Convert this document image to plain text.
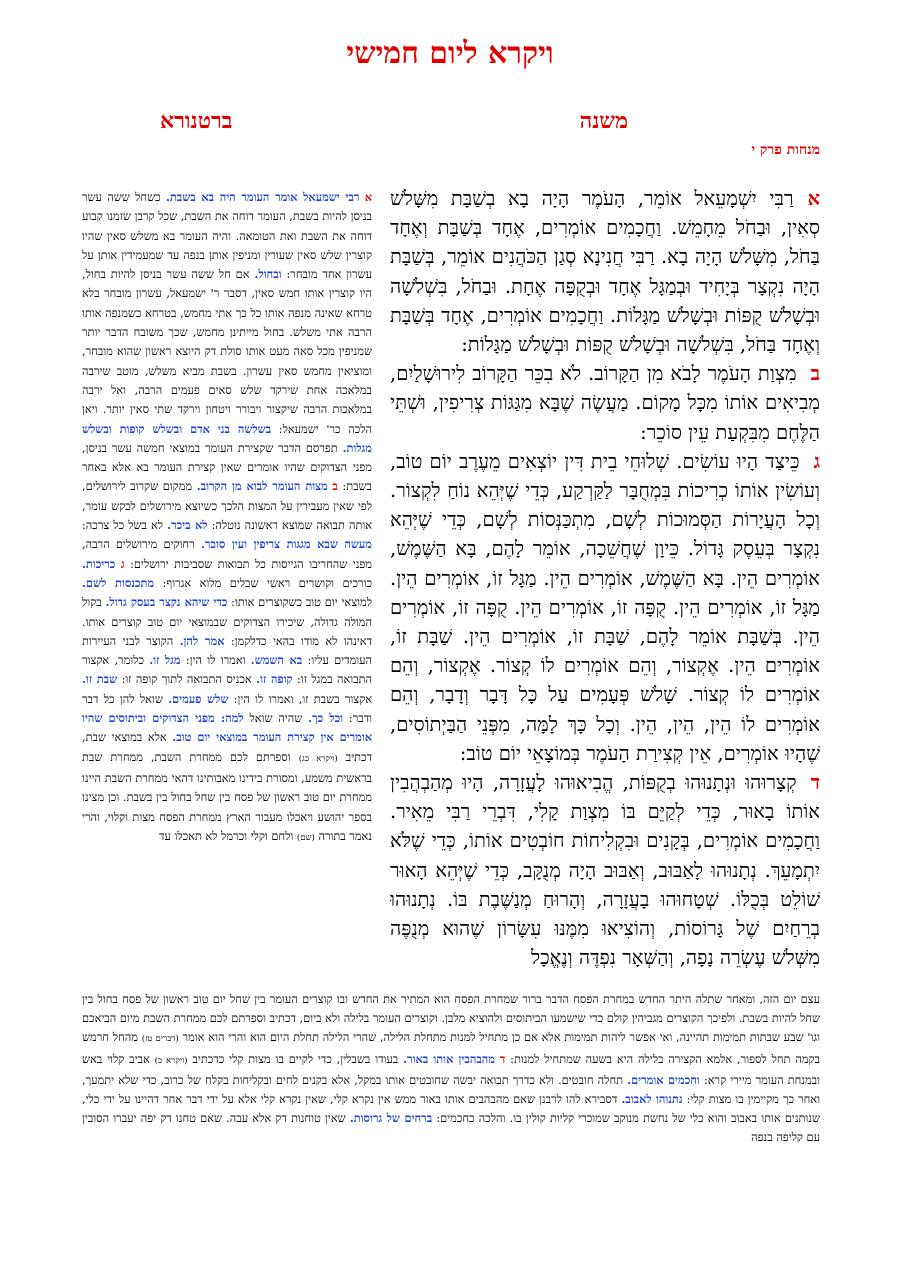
ויקרא ליום חמישי
משנה
ברטנורא
מנחות פרק י

ארַבִּי יִשְׁמָעֵאל אוֹמֵר, הָעֹמֶר הָיָה בָא בְשַׁבָּת מִשָּׁלֹשׁ סְאִין, וּבַחֹל מֵחָמֵשׁ. וַחֲכָמִים אוֹמְרִים, אֶחָד בְּשַׁבָּת וְאֶחָד בַּחֹל, מִשָּׁלֹשׁ הָיָה בָא. רַבִּי חֲנִינָא סְגַן הַכֹּהֲנִים אוֹמֵר, בְּשַׁבָּת הָיָה נִקְצָר בְּיָחִיד וּבְמַגָּל אֶחָד וּבְקֻפָּה אֶחָת. וּבַחֹל, בִּשְׁלֹשָׁה וּבְשָׁלֹשׁ קֻפּוֹת וּבְשָׁלֹשׁ מַגָּלוֹת. וַחֲכָמִים אוֹמְרִים, אֶחָד בְּשַׁבָּת וְאֶחָד בַּחֹל, בִּשְׁלֹשָׁה וּבְשָׁלֹשׁ קֻפּוֹת וּבְשָׁלֹשׁ מַגָּלוֹת:

במִצְוַת הָעֹמֶר לָבֹא מִן הַקָּרוֹב. לֹא בִכֵּר הַקָּרוֹב לִירוּשָׁלַיִם, מְבִיאִים אוֹתוֹ מִכָּל מָקוֹם. מַעֲשֶׂה שֶׁבָּא מִגַּגּוֹת צְרִיפִין, וּשְׁתֵּי הַלֶּחֶם מִבִּקְעַת עֵין סוֹכֵר:

גכֵּיצַד הָיוּ עוֹשִׂים. שְׁלוּחֵי בֵית דִּין יוֹצְאִים מֵעֶרֶב יוֹם טוֹב, וְעוֹשִׂין אוֹתוֹ כְרִיכוֹת בִּמְחֻבָּר לַקַּרְקַע, כְּדֵי שֶׁיְּהֵא נוֹחַ לִקְצוֹר. וְכָל הָעֲיָרוֹת הַסְּמוּכוֹת לְשָׁם, מִתְכַּנְּסוֹת לְשָׁם, כְּדֵי שֶׁיְּהֵא נִקְצָר בְּעֵסֶק גָּדוֹל. כֵּיוָן שֶׁחֲשֵׁכָה, אוֹמֵר לָהֶם, בָּא הַשֶּׁמֶשׁ, אוֹמְרִים הֵין. בָּא הַשֶּׁמֶשׁ, אוֹמְרִים הֵין. מַגָּל זוֹ, אוֹמְרִים הֵין. מַגָּל זוֹ, אוֹמְרִים הֵין. קֻפָּה זוֹ, אוֹמְרִים הֵין. קֻפָּה זוֹ, אוֹמְרִים הֵין. בְּשַׁבָּת אוֹמֵר לָהֶם, שַׁבָּת זוֹ, אוֹמְרִים הֵין. שַׁבָּת זוֹ, אוֹמְרִים הֵין. אֶקְצוֹר, וְהֵם אוֹמְרִים לוֹ קְצוֹר. אֶקְצוֹר, וְהֵם אוֹמְרִים לוֹ קְצוֹר. שָׁלֹשׁ פְּעָמִים עַל כָּל דָּבָר וְדָבָר, וְהֵם אוֹמְרִים לוֹ הֵין, הֵין, הֵין. וְכָל כָּךְ לָמָּה, מִפְּנֵי הַבַּיְתוֹסִים, שֶׁהָיוּ אוֹמְרִים, אֵין קְצִירַת הָעֹמֶר בְּמוֹצָאֵי יוֹם טוֹב:

דקְצָרוּהוּ וּנְתָנוּהוּ בְקֻפּוֹת, הֱבִיאוּהוּ לָעֲזָרָה, הָיוּ מְהַבְהֲבִין אוֹתוֹ בָאוּר, כְּדֵי לְקַיֵּם בּוֹ מִצְוַת קָלִי, דִּבְרֵי רַבִּי מֵאִיר. וַחֲכָמִים אוֹמְרִים, בְּקָנִים וּבִקְלִיחוֹת חוֹבְטִים אוֹתוֹ, כְּדֵי שֶׁלֹּא יִתְמָעֵךְ. נְתָנוּהוּ לָאַבּוּב, וְאַבּוּב הָיָה מְנֻקָּב, כְּדֵי שֶׁיְּהֵא הָאוּר שׁוֹלֵט בְּכֻלּוֹ. שְׁטָחוּהוּ בָעֲזָרָה, וְהָרוּחַ מְנַשֶּׁבֶת בּוֹ. נְתָנוּהוּ בְרֵחַיִם שֶׁל גָּרוֹסוֹת, וְהוֹצִיאוּ מִמֶּנּוּ עִשָּׂרוֹן שֶׁהוּא מְנֻפֶּה מִשְּׁלֹשׁ עֶשְׂרֵה נָפָה, וְהַשְּׁאָר נִפְדֶּה וְנֶאֱכָל

א רבי ישמעאל אומר העומר היה בא בשבת. כשחל ששה עשר בניסן להיות בשבת, העומר דוחה את השבת, שכל קרבן שזמנו קבוע דוחה את השבת ואת הטומאה. והיה העומר בא משלש סאין שהיו קוצרין שלש סאין שעורין ומניפין אותן בנפה עד שמעמידין אותן על עשרון אחד מובחר: ובחול. אם חל ששה עשר בניסן להיות בחול, היו קוצרין אותו חמש סאין, דסבר ר' ישמעאל, עשרון מובחר בלא טרחא שאינה מנפה אותו כל כך אתי מחמש, בטרחא כשמנפה אותו הרבה אתי משלש. בחול מייתינן מחמש, שכך משובח הדבר יותר שמניפין מכל סאה מעט אותו סולת דק היוצא ראשון שהוא מובחר, ומוציאין מחמש סאין עשרון. בשבת מביא משלש, מוטב שירבה במלאכה אחת שירקד שלש סאים פעמים הרבה, ואל ירבה במלאכות הרבה שיקצור ויבורר ויטחון וירקד שתי סאין יותר. ויאן הלכה כר' ישמעאל: בשלשה בני אדם ובשלש קופות ובשלש מגלות. תפרסם הדבר שקצירת העומר במוצאי חמשה עשר בניסן, מפני הצדוקים שהיו אומרים שאין קצירת העומר בא אלא באחר בשבת: ב מצות העומר לבוא מן הקרוב. ממקום שקרוב לירושלים, לפי שאין מעבירין על המצות הלכך כשיוצא מירושלים לבקש עומר, אותה תבואה שמוצא ראשונה נוטלה: לא ביכר. לא בשל כל צרכה: מעשה שבא מגגות צריפין ועין סוכר. רחוקים מירושלים הרבה, מפני שהחריבו הגייסות כל תבואות שסביבות ירושלים: ג כריכות. כורכים וקושרים ראשי שבלים מלוא אגרוף: מתכנסות לשם. למוצאי יום טוב כשקוצרים אותו: כדי שיהא נקצר בעסק גדול. בקול המולה גדולה, שיכירו הצדוקים שבמוצאי יום טוב קוצרים אותו. דאינהו לא מודו בהאי כדלקמן: אמר להן. הקוצר לבני העיירות העומדים עליו: בא השמש. ואמרו לו הין: מגל זו. כלומר, אקצור התבואה במגל זו: קופה זו. אכניס התבואה לתוך קופה זו: שבת זו. אקצור בשבת זו, ואמרו לו הין: שלש פעמים. שואל להן כל דבר ודבר: וכל כך. שהיה שואל למה: מפני הצדוקים וביתוסים שהיו אומרים אין קצירת העומר במוצאי יום טוב. אלא במוצאי שבת, דכתיב (ויקרא כג) וספרתם לכם ממחרת השבת, ממחרת שבת בראשית משמע, ומסורת בידינו מאבותינו דהאי ממחרת השבת היינו ממחרת יום טוב ראשון של פסח בין שחל בחול בין בשבת. וכן מצינו בספר יהושע ויאכלו מעבור הארץ ממחרת הפסח מצות וקלוי, והרי נאמר בתורה (שם) ולחם וקלי וכרמל לא תאכלו עד

עצם יום הזה, ומאחר שתלה היתר החדש במחרת הפסח הדבר ברור שמחרת הפסח הוא המתיר את החדש ובו קוצרים העומר בין שחל יום טוב ראשון של פסח בחול בין שחל להיות בשבת. ולפיכך הקוצרים מגביהין קולם כדי שישמעו הביתוסים ולהוציא מלבן. וקוצרים העומר בלילה ולא ביום, דכתיב וספרתם לכם ממחרת השבת מיום הביאכם וגו' שבע שבתות תמימות תהיינה, ואי אפשר ליהות תמימות אלא אם כן מתחיל למנות מתחלת הלילה, שהרי הלילה תחלת היום הוא והרי הוא אומר (דברים טז) מהחל חרמש בקמה תחל לספור, אלמא הקצירה בלילה היא בשעה שמתחיל למנות: ד מהבהבין אותו באור. בעודו בשבלין, כדי לקיים בו מצות קלי כדכתיב (ויקרא ב) אביב קלוי באש ובמנחת העומר מיירי קרא: וחכמים אומרים. תחלה חובטים. ולא כדרך תבואה יבשה שחובטים אותו במקל, אלא בקנים לחים ובקליחות בקלח של כרוב, כדי שלא יתמעך, ואחר כך מקיימין בו מצות קלי: נתנוהו לאבוב. דסבירא להו לרבנן שאם מהבהבים אותו באור ממש אין נקרא קלי, שאין נקרא קלי אלא על ידי דבר אחר דהיינו על ידי כלי, שנותנים אותו באבוב והוא כלי של נחשת מנוקב שמוכרי קליות קולין בו. והלכה כחכמים: ברחים של גרוסות. שאין טוחנות דק אלא עבה. שאם טחנו דק יפה יעברו הסובין עם קליפה בנפה
